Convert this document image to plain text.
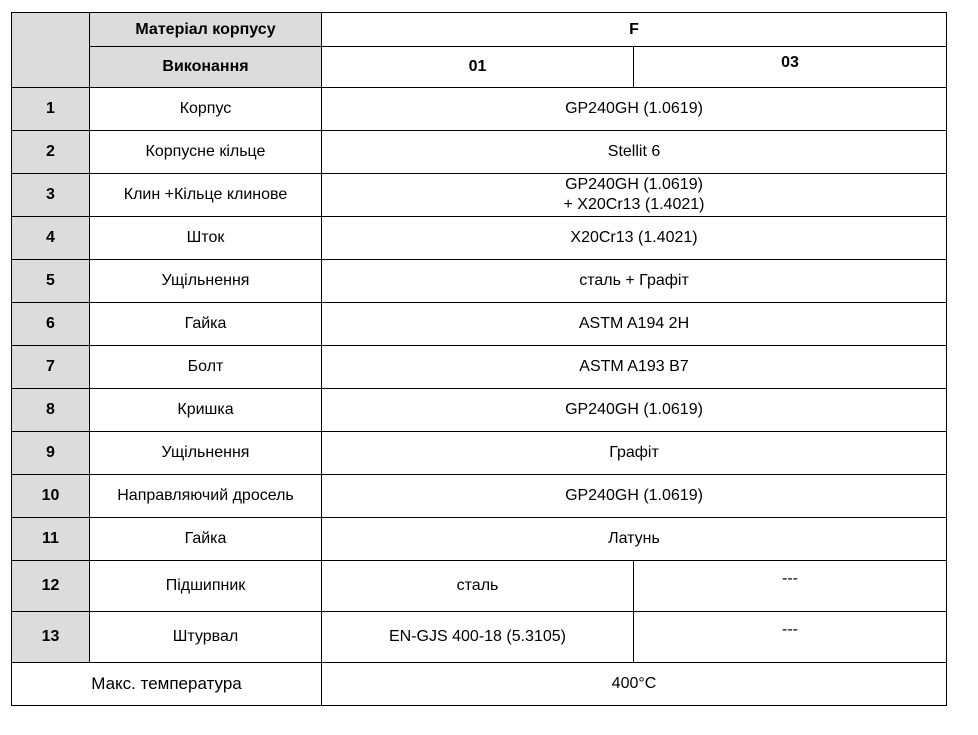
	Матеріал корпусу	F	
	Виконання	01	03
1	Корпус	GP240GH (1.0619)	
2	Корпусне кільце	Stellit 6	
3	Клин +Кільце клинове	GP240GH (1.0619)
+ X20Cr13 (1.4021)	

4	Шток	X20Cr13 (1.4021)	
5	Ущільнення	сталь + Графіт	
6	Гайка	ASTM A194 2H	
7	Болт	ASTM A193 B7	
8	Кришка	GP240GH (1.0619)	
9	Ущільнення	Графіт	
10	Направляючий дросель	GP240GH (1.0619)	
11	Гайка	Латунь	
12	Підшипник	сталь	---
13	Штурвал	EN-GJS 400-18 (5.3105)	---
Макс. температура		400°C	
